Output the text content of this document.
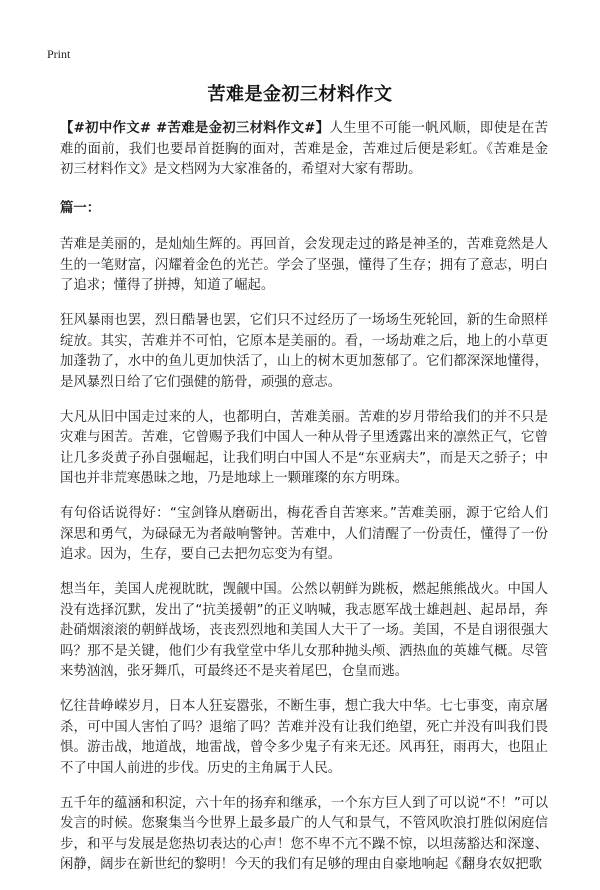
Print
苦难是金初三材料作文

【#初中作文# #苦难是金初三材料作文#】人生里不可能一帆风顺，即使是在苦难的面前，我们也要昂首挺胸的面对，苦难是金，苦难过后便是彩虹。《苦难是金初三材料作文》是文档网为大家准备的，希望对大家有帮助。

篇一：

苦难是美丽的，是灿灿生辉的。再回首，会发现走过的路是神圣的，苦难竟然是人生的一笔财富，闪耀着金色的光芒。学会了坚强，懂得了生存；拥有了意志，明白了追求；懂得了拼搏，知道了崛起。

狂风暴雨也罢，烈日酷暑也罢，它们只不过经历了一场场生死轮回，新的生命照样绽放。其实，苦难并不可怕，它原本是美丽的。看，一场劫难之后，地上的小草更加蓬勃了，水中的鱼儿更加快活了，山上的树木更加葱郁了。它们都深深地懂得，是风暴烈日给了它们强健的筋骨，顽强的意志。

大凡从旧中国走过来的人，也都明白，苦难美丽。苦难的岁月带给我们的并不只是灾难与困苦。苦难，它曾赐予我们中国人一种从骨子里透露出来的凛然正气，它曾让几多炎黄子孙自强崛起，让我们明白中国人不是“东亚病夫”，而是天之骄子；中国也并非荒寒愚昧之地，乃是地球上一颗璀璨的东方明珠。

有句俗话说得好：“宝剑锋从磨砺出，梅花香自苦寒来。”苦难美丽，源于它给人们深思和勇气，为碌碌无为者敲响警钟。苦难中，人们清醒了一份责任，懂得了一份追求。因为，生存，要自己去把勿忘变为有望。

想当年，美国人虎视眈眈，觊觎中国。公然以朝鲜为跳板，燃起熊熊战火。中国人没有选择沉默，发出了“抗美援朝”的正义呐喊，我志愿军战士雄赳赳、起昂昂，奔赴硝烟滚滚的朝鲜战场，丧丧烈烈地和美国人大干了一场。美国，不是自诩很强大吗？那不是关键，他们少有我堂堂中华儿女那种抛头颅、洒热血的英雄气概。尽管来势汹汹，张牙舞爪，可最终还不是夹着尾巴，仓皇而逃。

忆往昔峥嵘岁月，日本人狂妄嚣张，不断生事，想亡我大中华。七七事变，南京屠杀，可中国人害怕了吗？退缩了吗？苦难并没有让我们绝望，死亡并没有叫我们畏惧。游击战，地道战，地雷战，曾令多少鬼子有来无还。风再狂，雨再大，也阻止不了中国人前进的步伐。历史的主角属于人民。

五千年的蕴涵和积淀，六十年的扬弃和继承，一个东方巨人到了可以说“不！”可以发言的时候。您聚集当今世界上最多最广的人气和景气，不管风吹浪打胜似闲庭信步，和平与发展是您热切表达的心声！您不卑不亢不躁不惊，以坦荡豁达和深邃、闲静，阔步在新世纪的黎明！今天的我们有足够的理由自豪地响起《翻身农奴把歌
